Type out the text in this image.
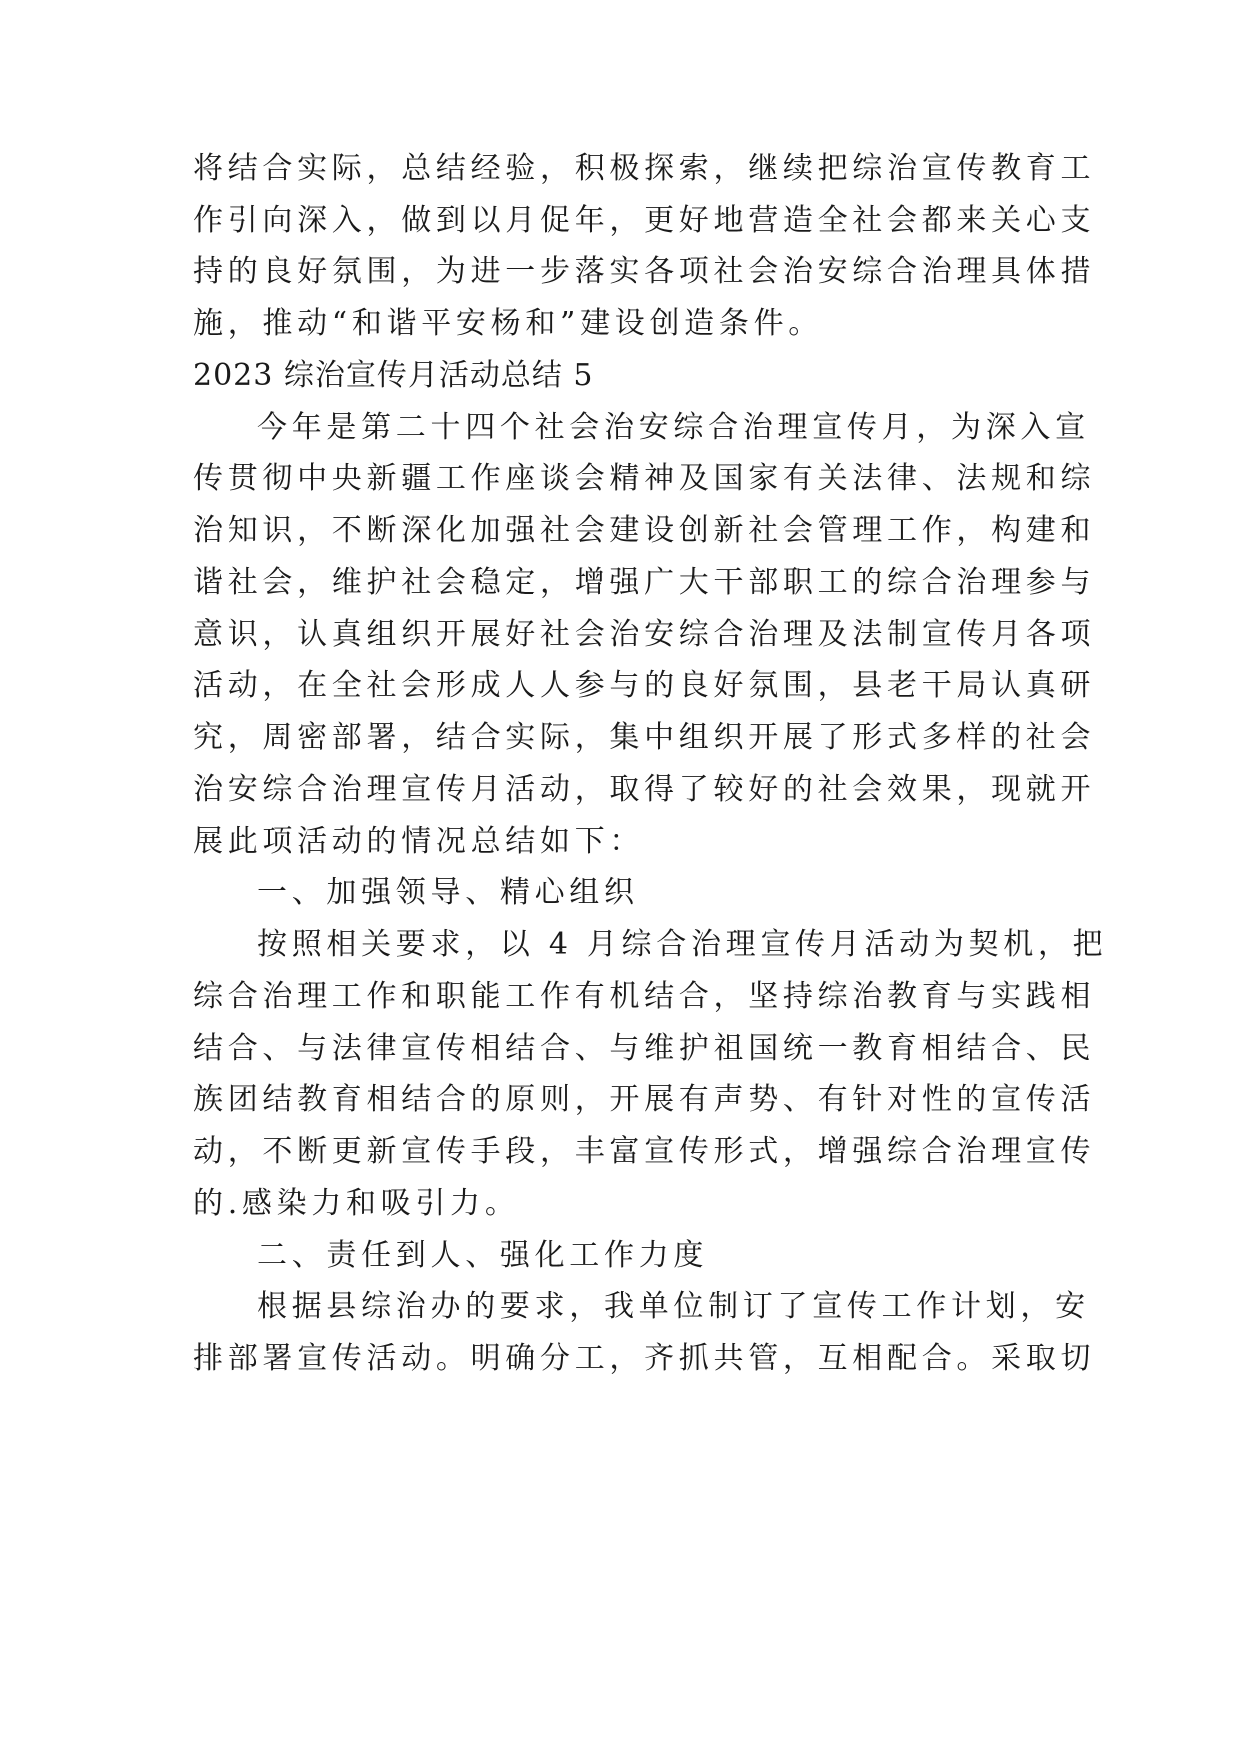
将结合实际，总结经验，积极探索，继续把综治宣传教育工
作引向深入，做到以月促年，更好地营造全社会都来关心支
持的良好氛围，为进一步落实各项社会治安综合治理具体措
施，推动“和谐平安杨和”建设创造条件。
2023 综治宣传月活动总结 5
今年是第二十四个社会治安综合治理宣传月，为深入宣
传贯彻中央新疆工作座谈会精神及国家有关法律、法规和综
治知识，不断深化加强社会建设创新社会管理工作，构建和
谐社会，维护社会稳定，增强广大干部职工的综合治理参与
意识，认真组织开展好社会治安综合治理及法制宣传月各项
活动，在全社会形成人人参与的良好氛围，县老干局认真研
究，周密部署，结合实际，集中组织开展了形式多样的社会
治安综合治理宣传月活动，取得了较好的社会效果，现就开
展此项活动的情况总结如下：
一、加强领导、精心组织
按照相关要求，以 4 月综合治理宣传月活动为契机，把
综合治理工作和职能工作有机结合，坚持综治教育与实践相
结合、与法律宣传相结合、与维护祖国统一教育相结合、民
族团结教育相结合的原则，开展有声势、有针对性的宣传活
动，不断更新宣传手段，丰富宣传形式，增强综合治理宣传
的.感染力和吸引力。
二、责任到人、强化工作力度
根据县综治办的要求，我单位制订了宣传工作计划，安
排部署宣传活动。明确分工，齐抓共管，互相配合。采取切
